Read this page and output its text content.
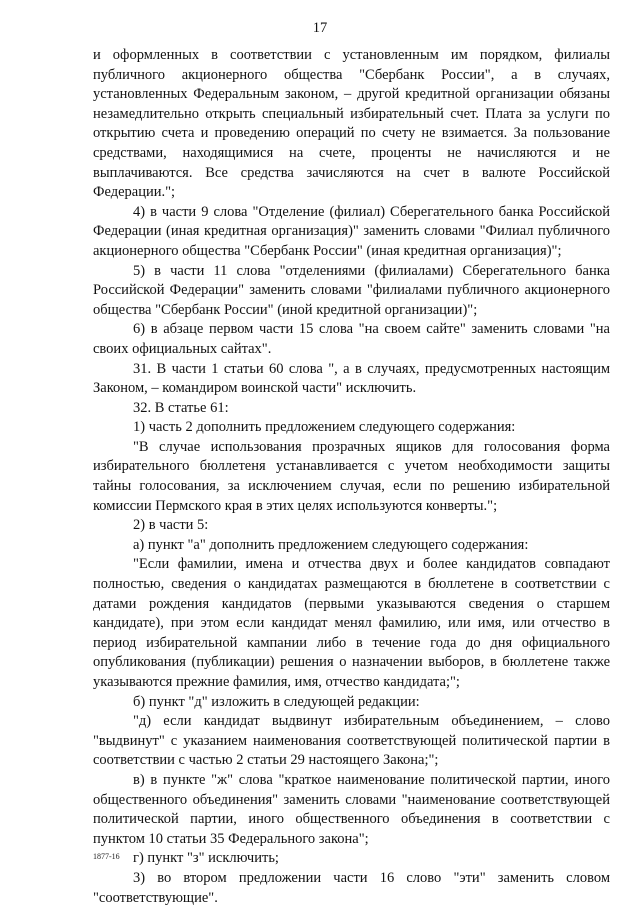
17

и оформленных в соответствии с установленным им порядком, филиалы публичного акционерного общества "Сбербанк России", а в случаях, установленных Федеральным законом, – другой кредитной организации обязаны незамедлительно открыть специальный избирательный счет. Плата за услуги по открытию счета и проведению операций по счету не взимается. За пользование средствами, находящимися на счете, проценты не начисляются и не выплачиваются. Все средства зачисляются на счет в валюте Российской Федерации.";

4) в части 9 слова "Отделение (филиал) Сберегательного банка Российской Федерации (иная кредитная организация)" заменить словами "Филиал публичного акционерного общества "Сбербанк России" (иная кредитная организация)";

5) в части 11 слова "отделениями (филиалами) Сберегательного банка Российской Федерации" заменить словами "филиалами публичного акционерного общества "Сбербанк России" (иной кредитной организации)";

6) в абзаце первом части 15 слова "на своем сайте" заменить словами "на своих официальных сайтах".

31. В части 1 статьи 60 слова ", а в случаях, предусмотренных настоящим Законом, – командиром воинской части" исключить.

32. В статье 61:

1) часть 2 дополнить предложением следующего содержания:

"В случае использования прозрачных ящиков для голосования форма избирательного бюллетеня устанавливается с учетом необходимости защиты тайны голосования, за исключением случая, если по решению избирательной комиссии Пермского края в этих целях используются конверты.";

2) в части 5:

а) пункт "а" дополнить предложением следующего содержания:

"Если фамилии, имена и отчества двух и более кандидатов совпадают полностью, сведения о кандидатах размещаются в бюллетене в соответствии с датами рождения кандидатов (первыми указываются сведения о старшем кандидате), при этом если кандидат менял фамилию, или имя, или отчество в период избирательной кампании либо в течение года до дня официального опубликования (публикации) решения о назначении выборов, в бюллетене также указываются прежние фамилия, имя, отчество кандидата;";

б) пункт "д" изложить в следующей редакции:

"д) если кандидат выдвинут избирательным объединением, – слово "выдвинут" с указанием наименования соответствующей политической партии в соответствии с частью 2 статьи 29 настоящего Закона;";

в) в пункте "ж" слова "краткое наименование политической партии, иного общественного объединения" заменить словами "наименование соответствующей политической партии, иного общественного объединения в соответствии с пунктом 10 статьи 35 Федерального закона";

г) пункт "з" исключить;

3) во втором предложении части 16 слово "эти" заменить словом "соответствующие".

1877-16
